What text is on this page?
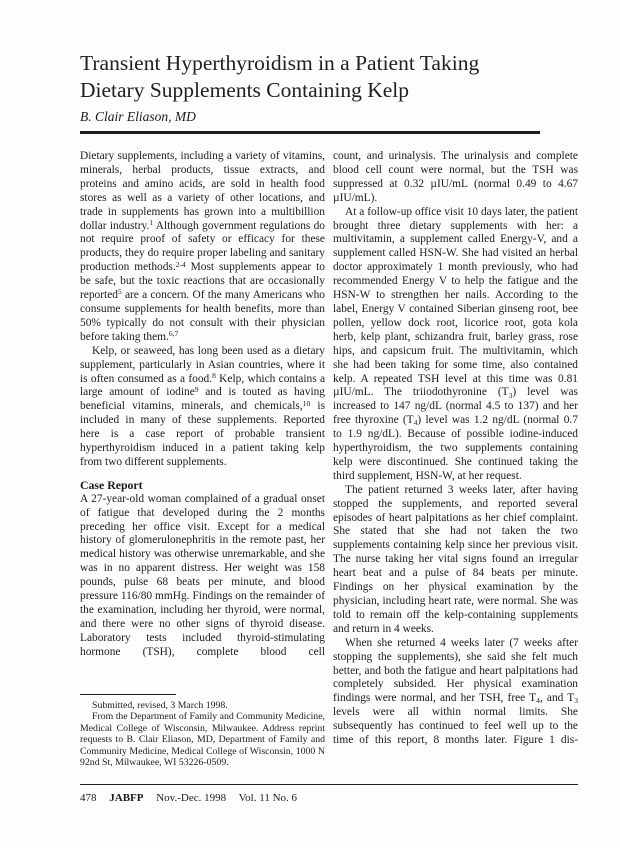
Transient Hyperthyroidism in a Patient Taking
Dietary Supplements Containing Kelp
B. Clair Eliason, MD

Dietary supplements, including a variety of vitamins, minerals, herbal products, tissue extracts, and proteins and amino acids, are sold in health food stores as well as a variety of other locations, and trade in supplements has grown into a multibillion dollar industry.$^1$ Although government regulations do not require proof of safety or efficacy for these products, they do require proper labeling and sanitary production methods.$^{2-4}$ Most supplements appear to be safe, but the toxic reactions that are occasionally reported$^5$ are a concern. Of the many Americans who consume supplements for health benefits, more than 50% typically do not consult with their physician before taking them.$^{6,7}$

Kelp, or seaweed, has long been used as a dietary supplement, particularly in Asian countries, where it is often consumed as a food.$^8$ Kelp, which contains a large amount of iodine$^9$ and is touted as having beneficial vitamins, minerals, and chemicals,$^{10}$ is included in many of these supplements. Reported here is a case report of probable transient hyperthyroidism induced in a patient taking kelp from two different supplements.

Case Report

A 27-year-old woman complained of a gradual onset of fatigue that developed during the 2 months preceding her office visit. Except for a medical history of glomerulonephritis in the remote past, her medical history was otherwise unremarkable, and she was in no apparent distress. Her weight was 158 pounds, pulse 68 beats per minute, and blood pressure 116/80 mmHg. Findings on the remainder of the examination, including her thyroid, were normal, and there were no other signs of thyroid disease. Laboratory tests included thyroid-stimulating hormone (TSH), complete blood cell

count, and urinalysis. The urinalysis and complete blood cell count were normal, but the TSH was suppressed at 0.32 µIU/mL (normal 0.49 to 4.67 µIU/mL).

At a follow-up office visit 10 days later, the patient brought three dietary supplements with her: a multivitamin, a supplement called Energy-V, and a supplement called HSN-W. She had visited an herbal doctor approximately 1 month previously, who had recommended Energy V to help the fatigue and the HSN-W to strengthen her nails. According to the label, Energy V contained Siberian ginseng root, bee pollen, yellow dock root, licorice root, gota kola herb, kelp plant, schizandra fruit, barley grass, rose hips, and capsicum fruit. The multivitamin, which she had been taking for some time, also contained kelp. A repeated TSH level at this time was 0.81 µIU/mL. The triiodothyronine $(T_3)$ level was increased to 147 ng/dL (normal 4.5 to 137) and her free thyroxine $(T_4)$ level was 1.2 ng/dL (normal 0.7 to 1.9 ng/dL). Because of possible iodine-induced hyperthyroidism, the two supplements containing kelp were discontinued. She continued taking the third supplement, HSN-W, at her request.

The patient returned 3 weeks later, after having stopped the supplements, and reported several episodes of heart palpitations as her chief complaint. She stated that she had not taken the two supplements containing kelp since her previous visit. The nurse taking her vital signs found an irregular heart beat and a pulse of 84 beats per minute. Findings on her physical examination by the physician, including heart rate, were normal. She was told to remain off the kelp-containing supplements and return in 4 weeks.

When she returned 4 weeks later (7 weeks after stopping the supplements), she said she felt much better, and both the fatigue and heart palpitations had completely subsided. Her physical examination findings were normal, and her TSH, free $T_4$, and $T_3$ levels were all within normal limits. She subsequently has continued to feel well up to the time of this report, 8 months later. Figure 1 dis-

Submitted, revised, 3 March 1998.

From the Department of Family and Community Medicine, Medical College of Wisconsin, Milwaukee. Address reprint requests to B. Clair Eliason, MD, Department of Family and Community Medicine, Medical College of Wisconsin, 1000 N 92nd St, Milwaukee, WI 53226-0509.

478 JABFP Nov.-Dec. 1998 Vol. 11 No. 6
